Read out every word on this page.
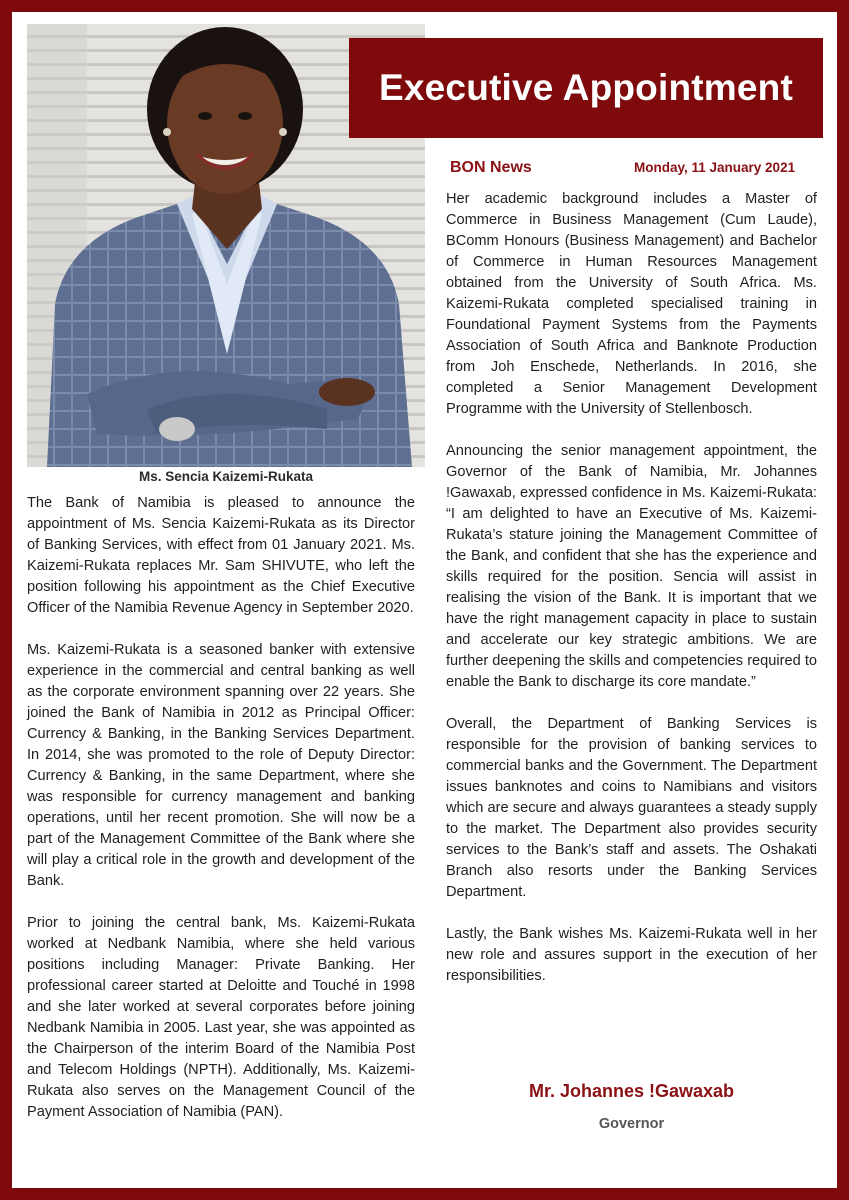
Ms. Sencia Kaizemi-Rukata
Executive Appointment
BON News	Monday, 11 January 2021

The Bank of Namibia is pleased to announce the appointment of Ms. Sencia Kaizemi-Rukata as its Director of Banking Services, with effect from 01 January 2021. Ms. Kaizemi-Rukata replaces Mr. Sam SHIVUTE, who left the position following his appointment as the Chief Executive Officer of the Namibia Revenue Agency in September 2020.

Ms. Kaizemi-Rukata is a seasoned banker with extensive experience in the commercial and central banking as well as the corporate environment spanning over 22 years. She joined the Bank of Namibia in 2012 as Principal Officer: Currency & Banking, in the Banking Services Department. In 2014, she was promoted to the role of Deputy Director: Currency & Banking, in the same Department, where she was responsible for currency management and banking operations, until her recent promotion. She will now be a part of the Management Committee of the Bank where she will play a critical role in the growth and development of the Bank.

Prior to joining the central bank, Ms. Kaizemi-Rukata worked at Nedbank Namibia, where she held various positions including Manager: Private Banking. Her professional career started at Deloitte and Touché in 1998 and she later worked at several corporates before joining Nedbank Namibia in 2005. Last year, she was appointed as the Chairperson of the interim Board of the Namibia Post and Telecom Holdings (NPTH). Additionally, Ms. Kaizemi-Rukata also serves on the Management Council of the Payment Association of Namibia (PAN).

Her academic background includes a Master of Commerce in Business Management (Cum Laude), BComm Honours (Business Management) and Bachelor of Commerce in Human Resources Management obtained from the University of South Africa. Ms. Kaizemi-Rukata completed specialised training in Foundational Payment Systems from the Payments Association of South Africa and Banknote Production from Joh Enschede, Netherlands. In 2016, she completed a Senior Management Development Programme with the University of Stellenbosch.

Announcing the senior management appointment, the Governor of the Bank of Namibia, Mr. Johannes !Gawaxab, expressed confidence in Ms. Kaizemi-Rukata: “I am delighted to have an Executive of Ms. Kaizemi-Rukata’s stature joining the Management Committee of the Bank, and confident that she has the experience and skills required for the position. Sencia will assist in realising the vision of the Bank. It is important that we have the right management capacity in place to sustain and accelerate our key strategic ambitions. We are further deepening the skills and competencies required to enable the Bank to discharge its core mandate.”

Overall, the Department of Banking Services is responsible for the provision of banking services to commercial banks and the Government. The Department issues banknotes and coins to Namibians and visitors which are secure and always guarantees a steady supply to the market. The Department also provides security services to the Bank’s staff and assets. The Oshakati Branch also resorts under the Banking Services Department.

Lastly, the Bank wishes Ms. Kaizemi-Rukata well in her new role and assures support in the execution of her responsibilities.

Mr. Johannes !Gawaxab
Governor
